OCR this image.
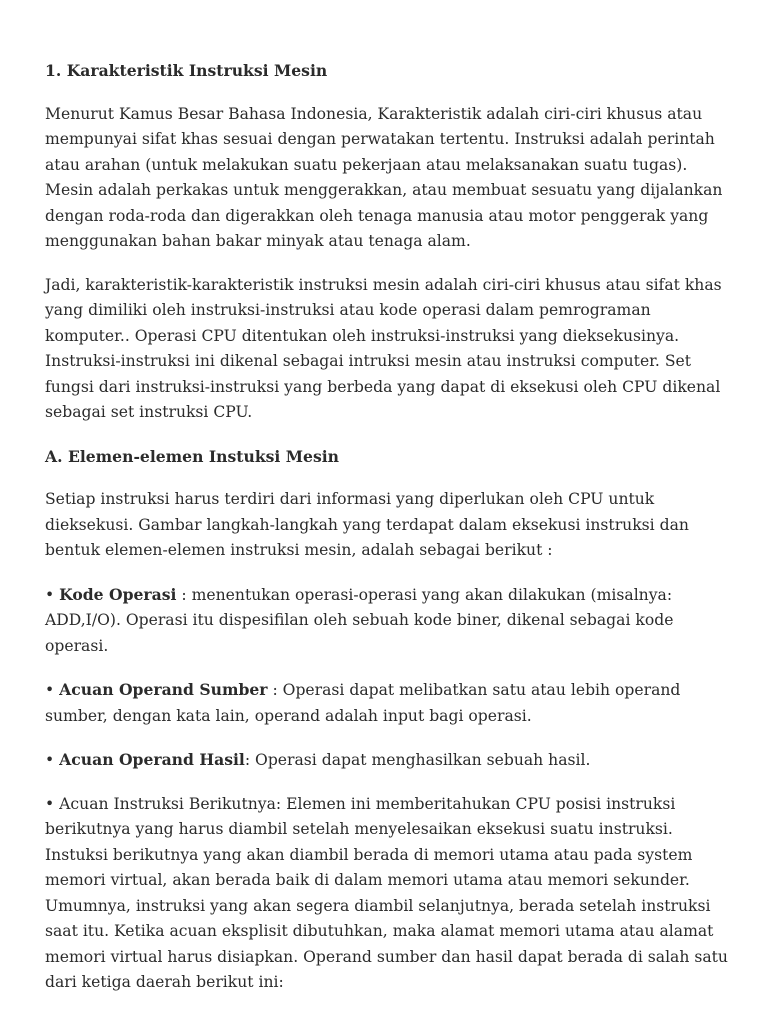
1. Karakteristik Instruksi Mesin

Menurut Kamus Besar Bahasa Indonesia, Karakteristik adalah ciri-ciri khusus atau mempunyai sifat khas sesuai dengan perwatakan tertentu. Instruksi adalah perintah atau arahan (untuk melakukan suatu pekerjaan atau melaksanakan suatu tugas). Mesin adalah perkakas untuk menggerakkan, atau membuat sesuatu yang dijalankan dengan roda-roda dan digerakkan oleh tenaga manusia atau motor penggerak yang menggunakan bahan bakar minyak atau tenaga alam.

Jadi, karakteristik-karakteristik instruksi mesin adalah ciri-ciri khusus atau sifat khas yang dimiliki oleh instruksi-instruksi atau kode operasi dalam pemrograman komputer.. Operasi CPU ditentukan oleh instruksi-instruksi yang dieksekusinya. Instruksi-instruksi ini dikenal sebagai intruksi mesin atau instruksi computer. Set fungsi dari instruksi-instruksi yang berbeda yang dapat di eksekusi oleh CPU dikenal sebagai set instruksi CPU.

A. Elemen-elemen Instuksi Mesin

Setiap instruksi harus terdiri dari informasi yang diperlukan oleh CPU untuk dieksekusi. Gambar langkah-langkah yang terdapat dalam eksekusi instruksi dan bentuk elemen-elemen instruksi mesin, adalah sebagai berikut :

• Kode Operasi : menentukan operasi-operasi yang akan dilakukan (misalnya: ADD,I/O). Operasi itu dispesifilan oleh sebuah kode biner, dikenal sebagai kode operasi.

• Acuan Operand Sumber : Operasi dapat melibatkan satu atau lebih operand sumber, dengan kata lain, operand adalah input bagi operasi.

• Acuan Operand Hasil: Operasi dapat menghasilkan sebuah hasil.

• Acuan Instruksi Berikutnya: Elemen ini memberitahukan CPU posisi instruksi berikutnya yang harus diambil setelah menyelesaikan eksekusi suatu instruksi. Instuksi berikutnya yang akan diambil berada di memori utama atau pada system memori virtual, akan berada baik di dalam memori utama atau memori sekunder. Umumnya, instruksi yang akan segera diambil selanjutnya, berada setelah instruksi saat itu. Ketika acuan eksplisit dibutuhkan, maka alamat memori utama atau alamat memori virtual harus disiapkan. Operand sumber dan hasil dapat berada di salah satu dari ketiga daerah berikut ini:
